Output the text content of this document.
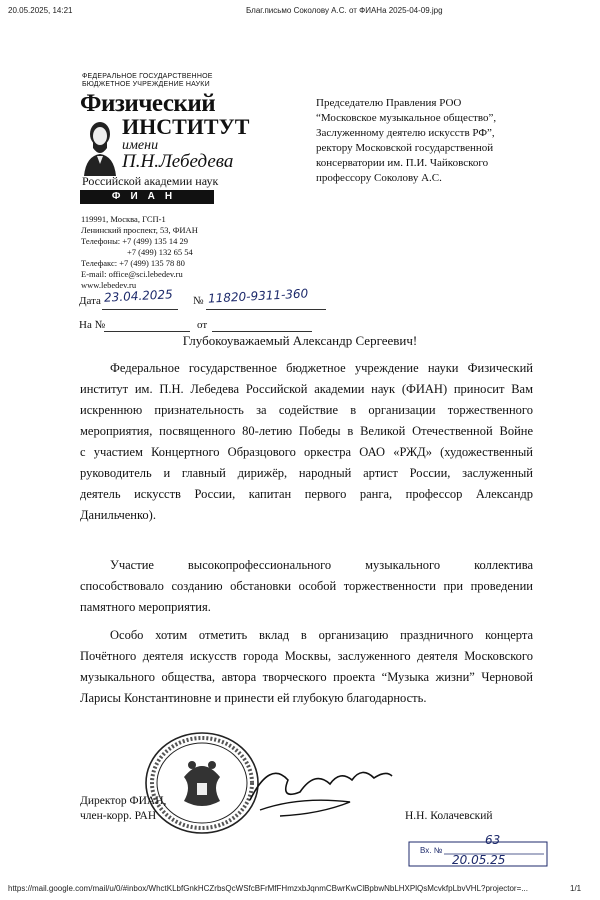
20.05.2025, 14:21	Благ.письмо Соколову А.С. от ФИАНа 2025-04-09.jpg
https://mail.google.com/mail/u/0/#inbox/WhctKLbfGnkHCZrbsQcWSfcBFrMfFHmzxbJqnmCBwrKwClBpbwNbLHXPlQsMcvkfpLbvVHL?projector=...	1/1
ФЕДЕРАЛЬНОЕ ГОСУДАРСТВЕННОЕ
БЮДЖЕТНОЕ УЧРЕЖДЕНИЕ НАУКИ
Физический
ИНСТИТУТ
имени
П.Н.Лебедева
Российской академии наук
ФИАН
119991, Москва, ГСП-1
Ленинский проспект, 53, ФИАН
Телефоны: +7 (499) 135 14 29
+7 (499) 132 65 54
Телефакс: +7 (499) 135 78 80
E-mail: office@sci.lebedev.ru
www.lebedev.ru
Председателю Правления РОО
“Московское музыкальное общество”,
Заслуженному деятелю искусств РФ”,
ректору Московской государственной
консерватории им. П.И. Чайковского
профессору Соколову А.С.
Дата 23.04.2025 № 11820-9311-360
На №	от
Глубокоуважаемый Александр Сергеевич!
Федеральное государственное бюджетное учреждение науки Физический
институт им. П.Н. Лебедева Российской академии наук (ФИАН) приносит Вам
искреннюю признательность за содействие в организации торжественного
мероприятия, посвященного 80-летию Победы в Великой Отечественной Войне
с участием Концертного Образцового оркестра ОАО «РЖД» (художественный
руководитель и главный дирижёр, народный артист России, заслуженный
деятель искусств России, капитан первого ранга, профессор Александр
Данильченко).
Участие высокопрофессионального музыкального коллектива
способствовало созданию обстановки особой торжественности при проведении
памятного мероприятия.
Особо хотим отметить вклад в организацию праздничного концерта
Почётного деятеля искусств города Москвы, заслуженного деятеля Московского
музыкального общества, автора творческого проекта “Музыка жизни” Черновой
Ларисы Константиновне и принести ей глубокую благодарность.
Директор ФИАН,
член-корр. РАН	Н.Н. Колачевский
Вх. №
63
20.05.25
